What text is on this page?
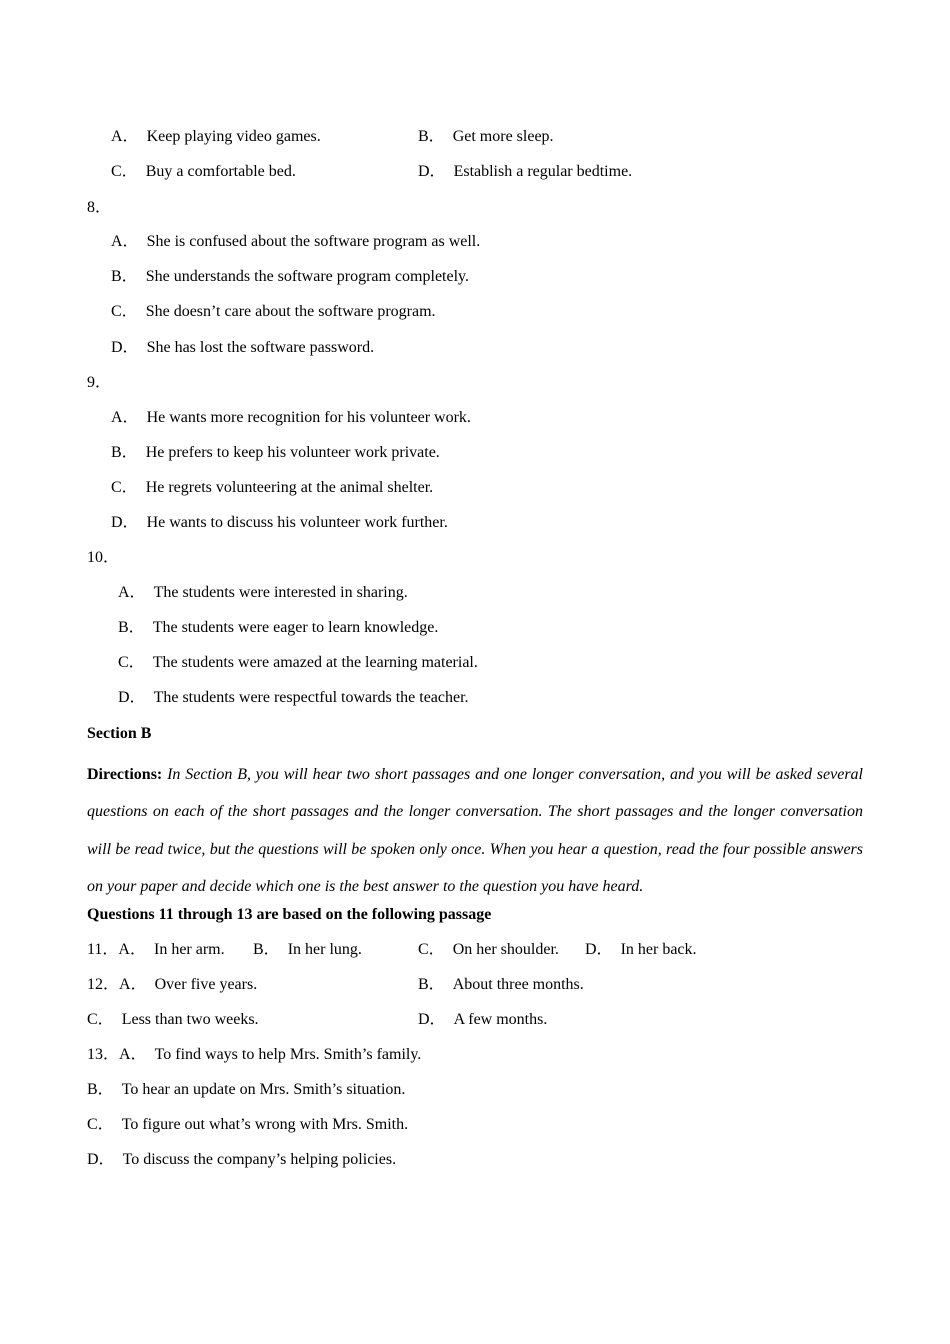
A． Keep playing video games.	B． Get more sleep.
C． Buy a comfortable bed.	D． Establish a regular bedtime.
8．
A． She is confused about the software program as well.
B． She understands the software program completely.
C． She doesn’t care about the software program.
D． She has lost the software password.
9．
A． He wants more recognition for his volunteer work.
B． He prefers to keep his volunteer work private.
C． He regrets volunteering at the animal shelter.
D． He wants to discuss his volunteer work further.
10．
A． The students were interested in sharing.
B． The students were eager to learn knowledge.
C． The students were amazed at the learning material.
D． The students were respectful towards the teacher.
Section B
Directions: In Section B, you will hear two short passages and one longer conversation, and you will be asked several questions on each of the short passages and the longer conversation. The short passages and the longer conversation will be read twice, but the questions will be spoken only once. When you hear a question, read the four possible answers on your paper and decide which one is the best answer to the question you have heard.
Questions 11 through 13 are based on the following passage
11．A． In her arm. B． In her lung.	C． On her shoulder. D． In her back.
12．A． Over five years.	B． About three months.
C． Less than two weeks.	D． A few months.
13．A． To find ways to help Mrs. Smith’s family.
B． To hear an update on Mrs. Smith’s situation.
C． To figure out what’s wrong with Mrs. Smith.
D． To discuss the company’s helping policies.
